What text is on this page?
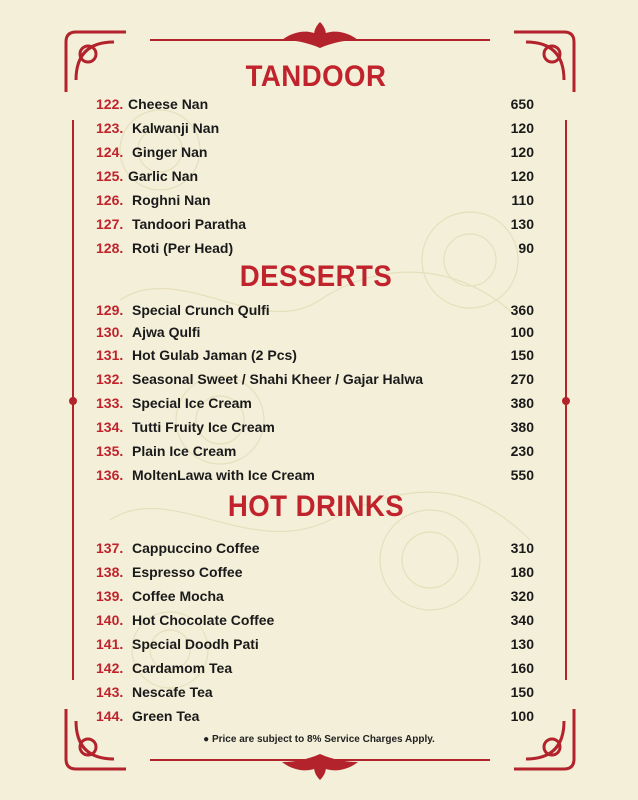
TANDOOR
122. Cheese Nan	650
123. Kalwanji Nan	120
124. Ginger Nan	120
125. Garlic Nan	120
126. Roghni Nan	110
127. Tandoori Paratha	130
128. Roti (Per Head)	90
DESSERTS
129. Special Crunch Qulfi	360
130. Ajwa Qulfi	100
131. Hot Gulab Jaman (2 Pcs)	150
132. Seasonal Sweet / Shahi Kheer / Gajar Halwa	270
133. Special Ice Cream	380
134. Tutti Fruity Ice Cream	380
135. Plain Ice Cream	230
136. MoltenLawa with Ice Cream	550
HOT DRINKS
137. Cappuccino Coffee	310
138. Espresso Coffee	180
139. Coffee Mocha	320
140. Hot Chocolate Coffee	340
141. Special Doodh Pati	130
142. Cardamom Tea	160
143. Nescafe Tea	150
144. Green Tea	100
● Price are subject to 8% Service Charges Apply.
